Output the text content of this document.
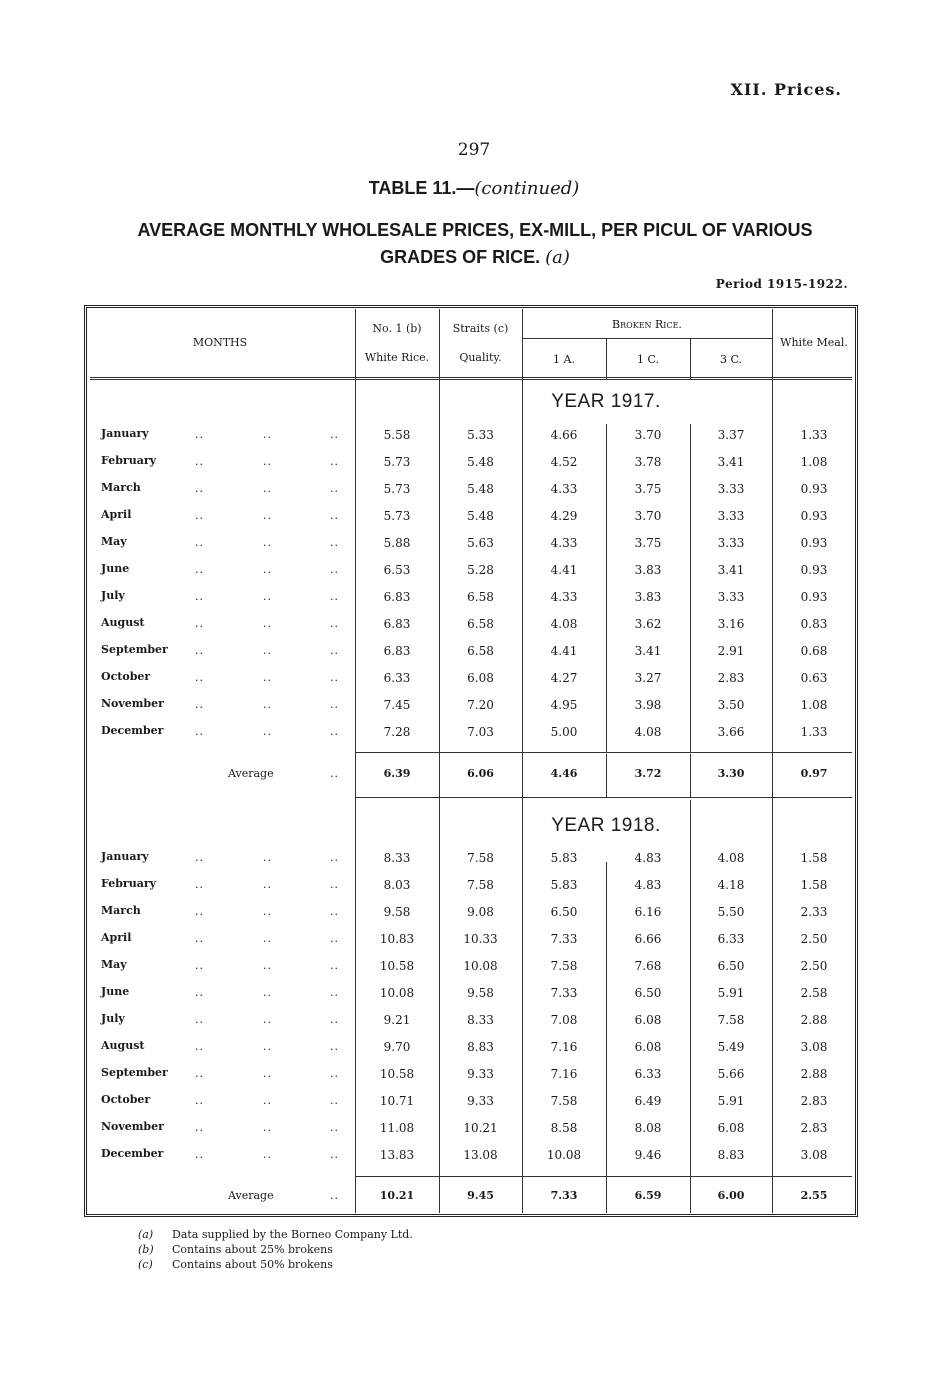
XII. Prices.
297
TABLE 11.—(continued)
AVERAGE MONTHLY WHOLESALE PRICES, EX-MILL, PER PICUL OF VARIOUS
GRADES OF RICE. (a)
Period 1915-1922.
MONTHS
No. 1 (b)
White Rice.
Straits (c)
Quality.
Broken Rice.
1 A.	1 C.	3 C.
White Meal.
YEAR 1917.
January	..	..	..	5.58	5.33	4.66	3.70	3.37	1.33
February	..	..	..	5.73	5.48	4.52	3.78	3.41	1.08
March	..	..	..	5.73	5.48	4.33	3.75	3.33	0.93
April	..	..	..	5.73	5.48	4.29	3.70	3.33	0.93
May	..	..	..	5.88	5.63	4.33	3.75	3.33	0.93
June	..	..	..	6.53	5.28	4.41	3.83	3.41	0.93
July	..	..	..	6.83	6.58	4.33	3.83	3.33	0.93
August	..	..	..	6.83	6.58	4.08	3.62	3.16	0.83
September ..	..	..	6.83	6.58	4.41	3.41	2.91	0.68
October	..	..	..	6.33	6.08	4.27	3.27	2.83	0.63
November	..	..	..	7.45	7.20	4.95	3.98	3.50	1.08
December	..	..	..	7.28	7.03	5.00	4.08	3.66	1.33
Average	..	6.39	6.06	4.46	3.72	3.30	0.97
YEAR 1918.
January	..	..	..	8.33	7.58	5.83	4.83	4.08	1.58
February	..	..	..	8.03	7.58	5.83	4.83	4.18	1.58
March	..	..	..	9.58	9.08	6.50	6.16	5.50	2.33
April	..	..	..	10.83	10.33	7.33	6.66	6.33	2.50
May	..	..	..	10.58	10.08	7.58	7.68	6.50	2.50
June	..	..	..	10.08	9.58	7.33	6.50	5.91	2.58
July	..	..	..	9.21	8.33	7.08	6.08	7.58	2.88
August	..	..	..	9.70	8.83	7.16	6.08	5.49	3.08
September ..	..	..	10.58	9.33	7.16	6.33	5.66	2.88
October	..	..	..	10.71	9.33	7.58	6.49	5.91	2.83
November	..	..	..	11.08	10.21	8.58	8.08	6.08	2.83
December	..	..	..	13.83	13.08	10.08	9.46	8.83	3.08
Average	..	10.21	9.45	7.33	6.59	6.00	2.55
(a) Data supplied by the Borneo Company Ltd.
(b) Contains about 25% brokens
(c) Contains about 50% brokens
